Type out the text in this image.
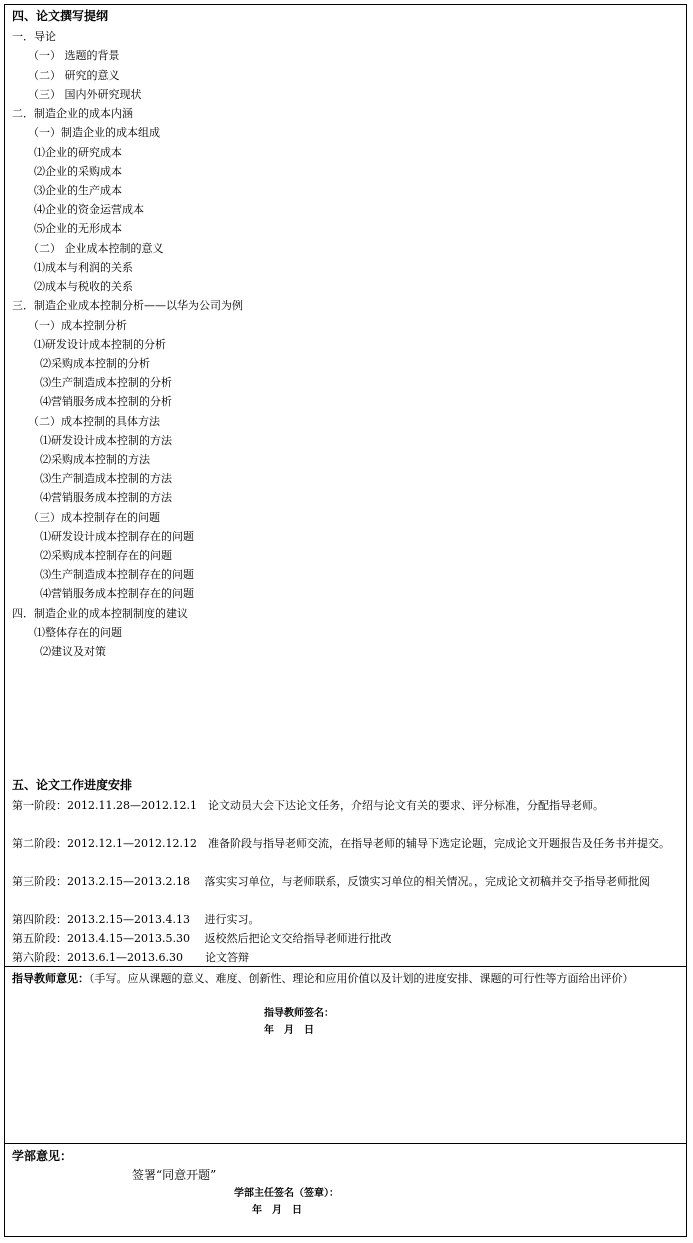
四、论文撰写提纲
一．导论
（一） 选题的背景
（二） 研究的意义
（三） 国内外研究现状
二．制造企业的成本内涵
（一）制造企业的成本组成
⑴企业的研究成本
⑵企业的采购成本
⑶企业的生产成本
⑷企业的资金运营成本
⑸企业的无形成本
（二） 企业成本控制的意义
⑴成本与利润的关系
⑵成本与税收的关系
三．制造企业成本控制分析——以华为公司为例
（一）成本控制分析
⑴研发设计成本控制的分析
⑵采购成本控制的分析
⑶生产制造成本控制的分析
⑷营销服务成本控制的分析
（二）成本控制的具体方法
⑴研发设计成本控制的方法
⑵采购成本控制的方法
⑶生产制造成本控制的方法
⑷营销服务成本控制的方法
（三）成本控制存在的问题
⑴研发设计成本控制存在的问题
⑵采购成本控制存在的问题
⑶生产制造成本控制存在的问题
⑷营销服务成本控制存在的问题
四．制造企业的成本控制制度的建议
⑴整体存在的问题
⑵建议及对策
五、论文工作进度安排
第一阶段：2012.11.28—2012.12.1　论文动员大会下达论文任务，介绍与论文有关的要求、评分标准，分配指导老师。
第二阶段：2012.12.1—2012.12.12　准备阶段与指导老师交流，在指导老师的辅导下选定论题，完成论文开题报告及任务书并提交。
第三阶段：2013.2.15—2013.2.18　 落实实习单位，与老师联系，反馈实习单位的相关情况。，完成论文初稿并交予指导老师批阅
第四阶段：2013.2.15—2013.4.13　 进行实习。
第五阶段：2013.4.15—2013.5.30　 返校然后把论文交给指导老师进行批改
第六阶段：2013.6.1—2013.6.30　　论文答辩
指导教师意见：（手写。应从课题的意义、难度、创新性、理论和应用价值以及计划的进度安排、课题的可行性等方面给出评价）
指导教师签名：
年　月　日
学部意见：
签署“同意开题”
学部主任签名（签章）：
年　月　日
